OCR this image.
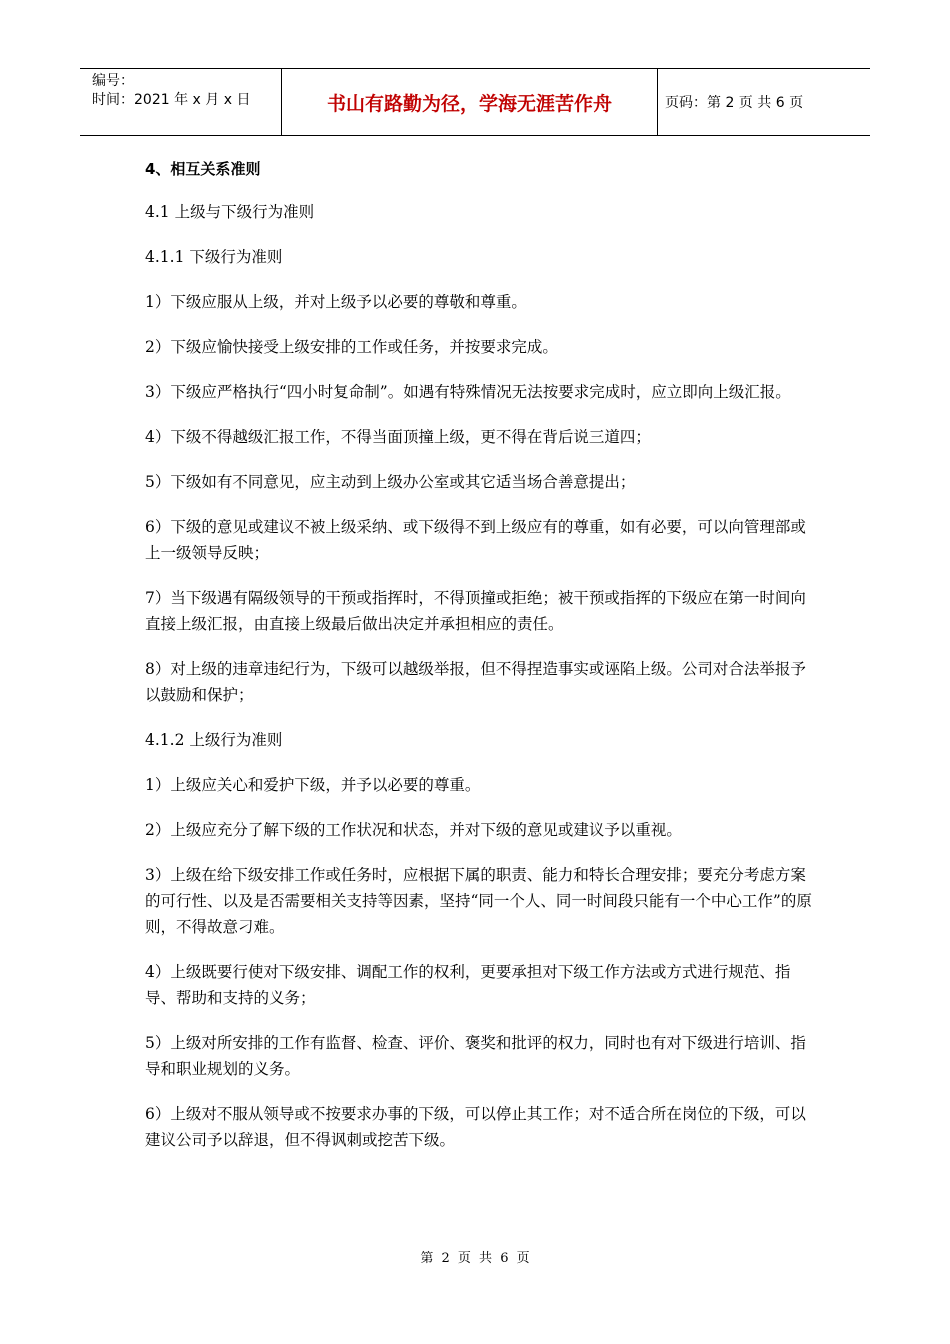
编号：
时间：2021 年 x 月 x 日	书山有路勤为径，学海无涯苦作舟	页码：第 2 页 共 6 页

4、相互关系准则

4.1 上级与下级行为准则

4.1.1 下级行为准则

1）下级应服从上级，并对上级予以必要的尊敬和尊重。

2）下级应愉快接受上级安排的工作或任务，并按要求完成。

3）下级应严格执行“四小时复命制”。如遇有特殊情况无法按要求完成时，应立即向上级汇报。

4）下级不得越级汇报工作，不得当面顶撞上级，更不得在背后说三道四；

5）下级如有不同意见，应主动到上级办公室或其它适当场合善意提出；

6）下级的意见或建议不被上级采纳、或下级得不到上级应有的尊重，如有必要，可以向管理部或上一级领导反映；

7）当下级遇有隔级领导的干预或指挥时，不得顶撞或拒绝；被干预或指挥的下级应在第一时间向直接上级汇报，由直接上级最后做出决定并承担相应的责任。

8）对上级的违章违纪行为，下级可以越级举报，但不得捏造事实或诬陷上级。公司对合法举报予以鼓励和保护；

4.1.2 上级行为准则

1）上级应关心和爱护下级，并予以必要的尊重。

2）上级应充分了解下级的工作状况和状态，并对下级的意见或建议予以重视。

3）上级在给下级安排工作或任务时，应根据下属的职责、能力和特长合理安排；要充分考虑方案的可行性、以及是否需要相关支持等因素，坚持“同一个人、同一时间段只能有一个中心工作”的原则，不得故意刁难。

4）上级既要行使对下级安排、调配工作的权利，更要承担对下级工作方法或方式进行规范、指导、帮助和支持的义务；

5）上级对所安排的工作有监督、检查、评价、褒奖和批评的权力，同时也有对下级进行培训、指导和职业规划的义务。

6）上级对不服从领导或不按要求办事的下级，可以停止其工作；对不适合所在岗位的下级，可以建议公司予以辞退，但不得讽刺或挖苦下级。

第 2 页 共 6 页
